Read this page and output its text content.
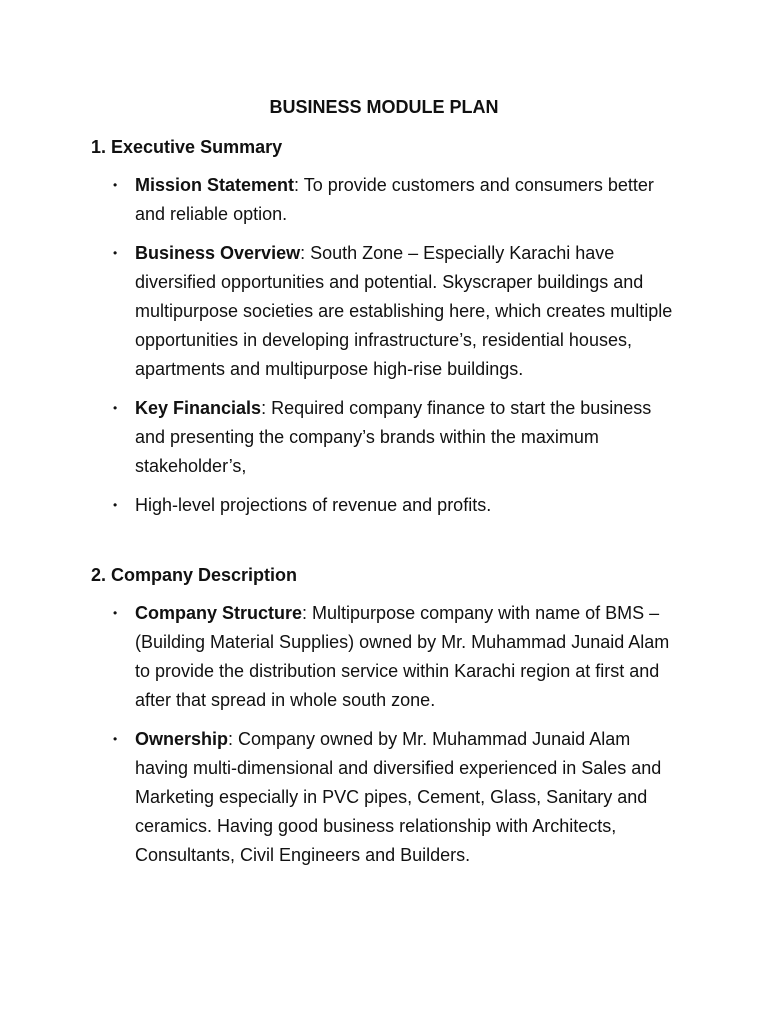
BUSINESS MODULE PLAN
1. Executive Summary
• Mission Statement: To provide customers and consumers better and reliable option.
• Business Overview: South Zone – Especially Karachi have diversified opportunities and potential. Skyscraper buildings and multipurpose societies are establishing here, which creates multiple opportunities in developing infrastructure’s, residential houses, apartments and multipurpose high-rise buildings.
• Key Financials: Required company finance to start the business and presenting the company’s brands within the maximum stakeholder’s,
• High-level projections of revenue and profits.
2. Company Description
• Company Structure: Multipurpose company with name of BMS – (Building Material Supplies) owned by Mr. Muhammad Junaid Alam to provide the distribution service within Karachi region at first and after that spread in whole south zone.
• Ownership: Company owned by Mr. Muhammad Junaid Alam having multi-dimensional and diversified experienced in Sales and Marketing especially in PVC pipes, Cement, Glass, Sanitary and ceramics. Having good business relationship with Architects, Consultants, Civil Engineers and Builders.
